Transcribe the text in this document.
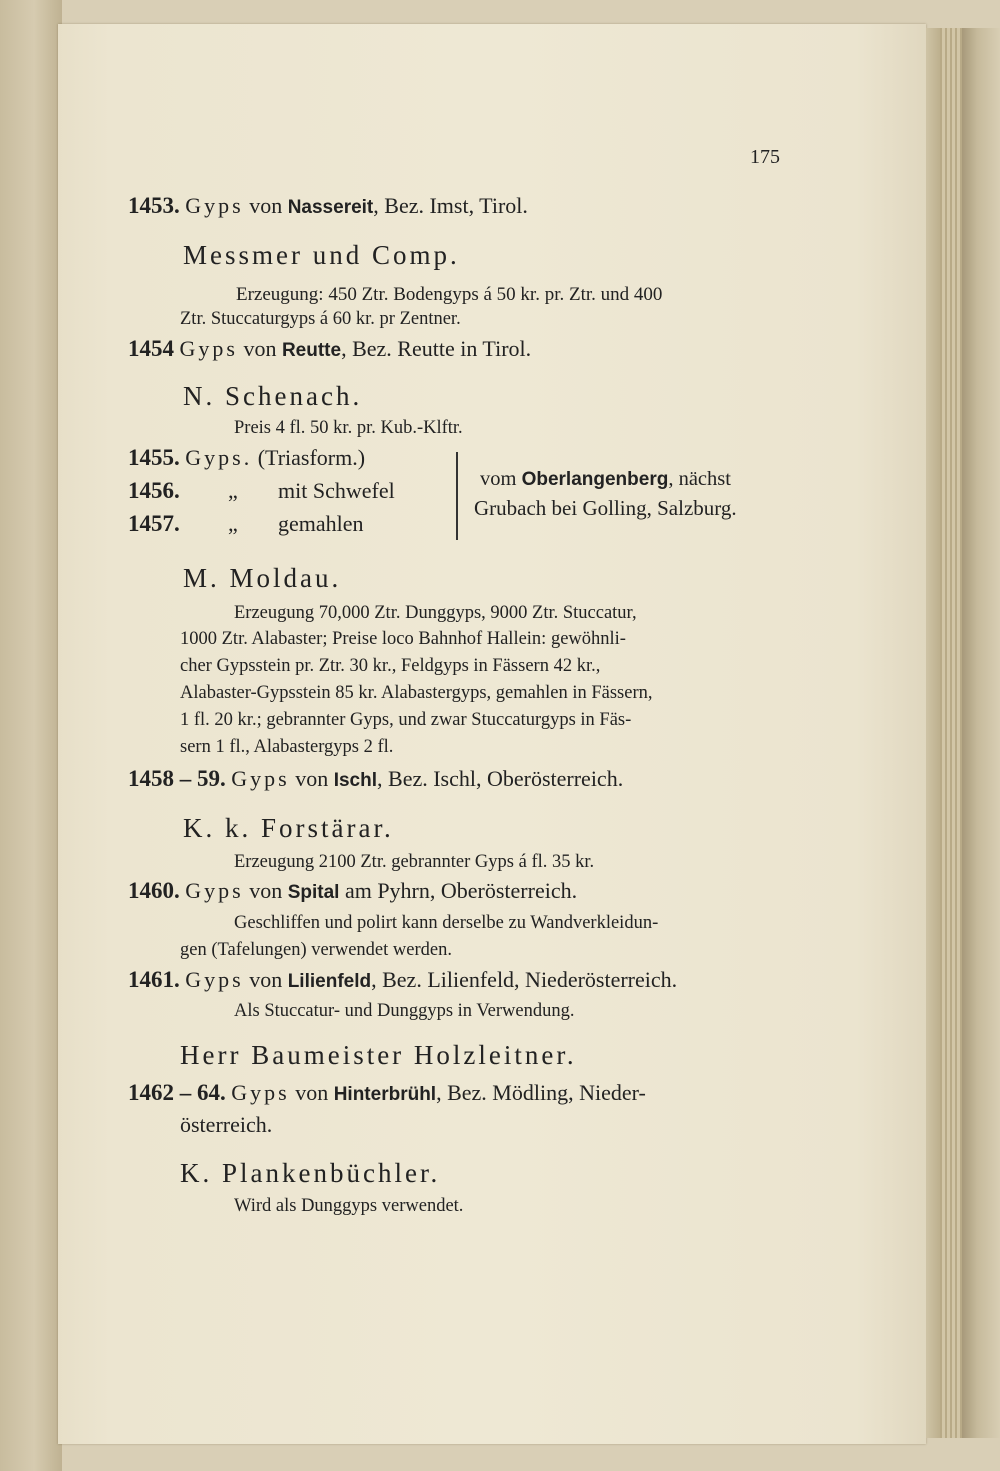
175
1453. Gyps von Nassereit, Bez. Imst, Tirol.
Messmer und Comp.
Erzeugung: 450 Ztr. Bodengyps á 50 kr. pr. Ztr. und 400
Ztr. Stuccaturgyps á 60 kr. pr Zentner.
1454 Gyps von Reutte, Bez. Reutte in Tirol.
N. Schenach.
Preis 4 fl. 50 kr. pr. Kub.-Klftr.
1455. Gyps. (Triasform.)
1456. „ mit Schwefel
1457. „ gemahlen
vom Oberlangenberg, nächst
Grubach bei Golling, Salzburg.
M. Moldau.
Erzeugung 70,000 Ztr. Dunggyps, 9000 Ztr. Stuccatur,
1000 Ztr. Alabaster; Preise loco Bahnhof Hallein: gewöhnli-
cher Gypsstein pr. Ztr. 30 kr., Feldgyps in Fässern 42 kr.,
Alabaster-Gypsstein 85 kr. Alabastergyps, gemahlen in Fässern,
1 fl. 20 kr.; gebrannter Gyps, und zwar Stuccaturgyps in Fäs-
sern 1 fl., Alabastergyps 2 fl.
1458 – 59. Gyps von Ischl, Bez. Ischl, Oberösterreich.
K. k. Forstärar.
Erzeugung 2100 Ztr. gebrannter Gyps á fl. 35 kr.
1460. Gyps von Spital am Pyhrn, Oberösterreich.
Geschliffen und polirt kann derselbe zu Wandverkleidun-
gen (Tafelungen) verwendet werden.
1461. Gyps von Lilienfeld, Bez. Lilienfeld, Niederösterreich.
Als Stuccatur- und Dunggyps in Verwendung.
Herr Baumeister Holzleitner.
1462 – 64. Gyps von Hinterbrühl, Bez. Mödling, Nieder-
österreich.
K. Plankenbüchler.
Wird als Dunggyps verwendet.
